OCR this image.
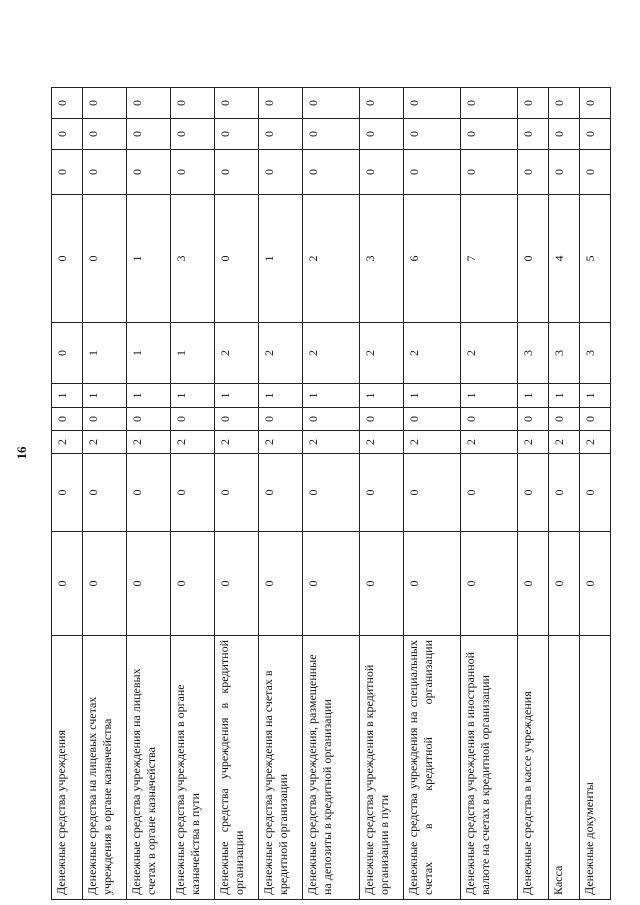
16
Денежные средства учреждения	0	0	2	0	1	0	0	0	0	0
Денежные средства на лицевых счетах учреждения в органе казначейства	0	0	2	0	1	1	0	0	0	0
Денежные средства учреждения на лицевых счетах в органе казначейства	0	0	2	0	1	1	1	0	0	0
Денежные средства учреждения в органе казначейства в пути	0	0	2	0	1	1	3	0	0	0
Денежные средства учреждения в кредитной организации	0	0	2	0	1	2	0	0	0	0
Денежные средства учреждения на счетах в кредитной организации	0	0	2	0	1	2	1	0	0	0
Денежные средства учреждения, размещенные на депозиты в кредитной организации	0	0	2	0	1	2	2	0	0	0
Денежные средства учреждения в кредитной организации в пути	0	0	2	0	1	2	3	0	0	0
Денежные средства учреждения на специальных счетах в кредитной организации	0	0	2	0	1	2	6	0	0	0
Денежные средства учреждения в иностранной валюте на счетах в кредитной организации	0	0	2	0	1	2	7	0	0	0
Денежные средства в кассе учреждения	0	0	2	0	1	3	0	0	0	0
Касса	0	0	2	0	1	3	4	0	0	0
Денежные документы	0	0	2	0	1	3	5	0	0	0
